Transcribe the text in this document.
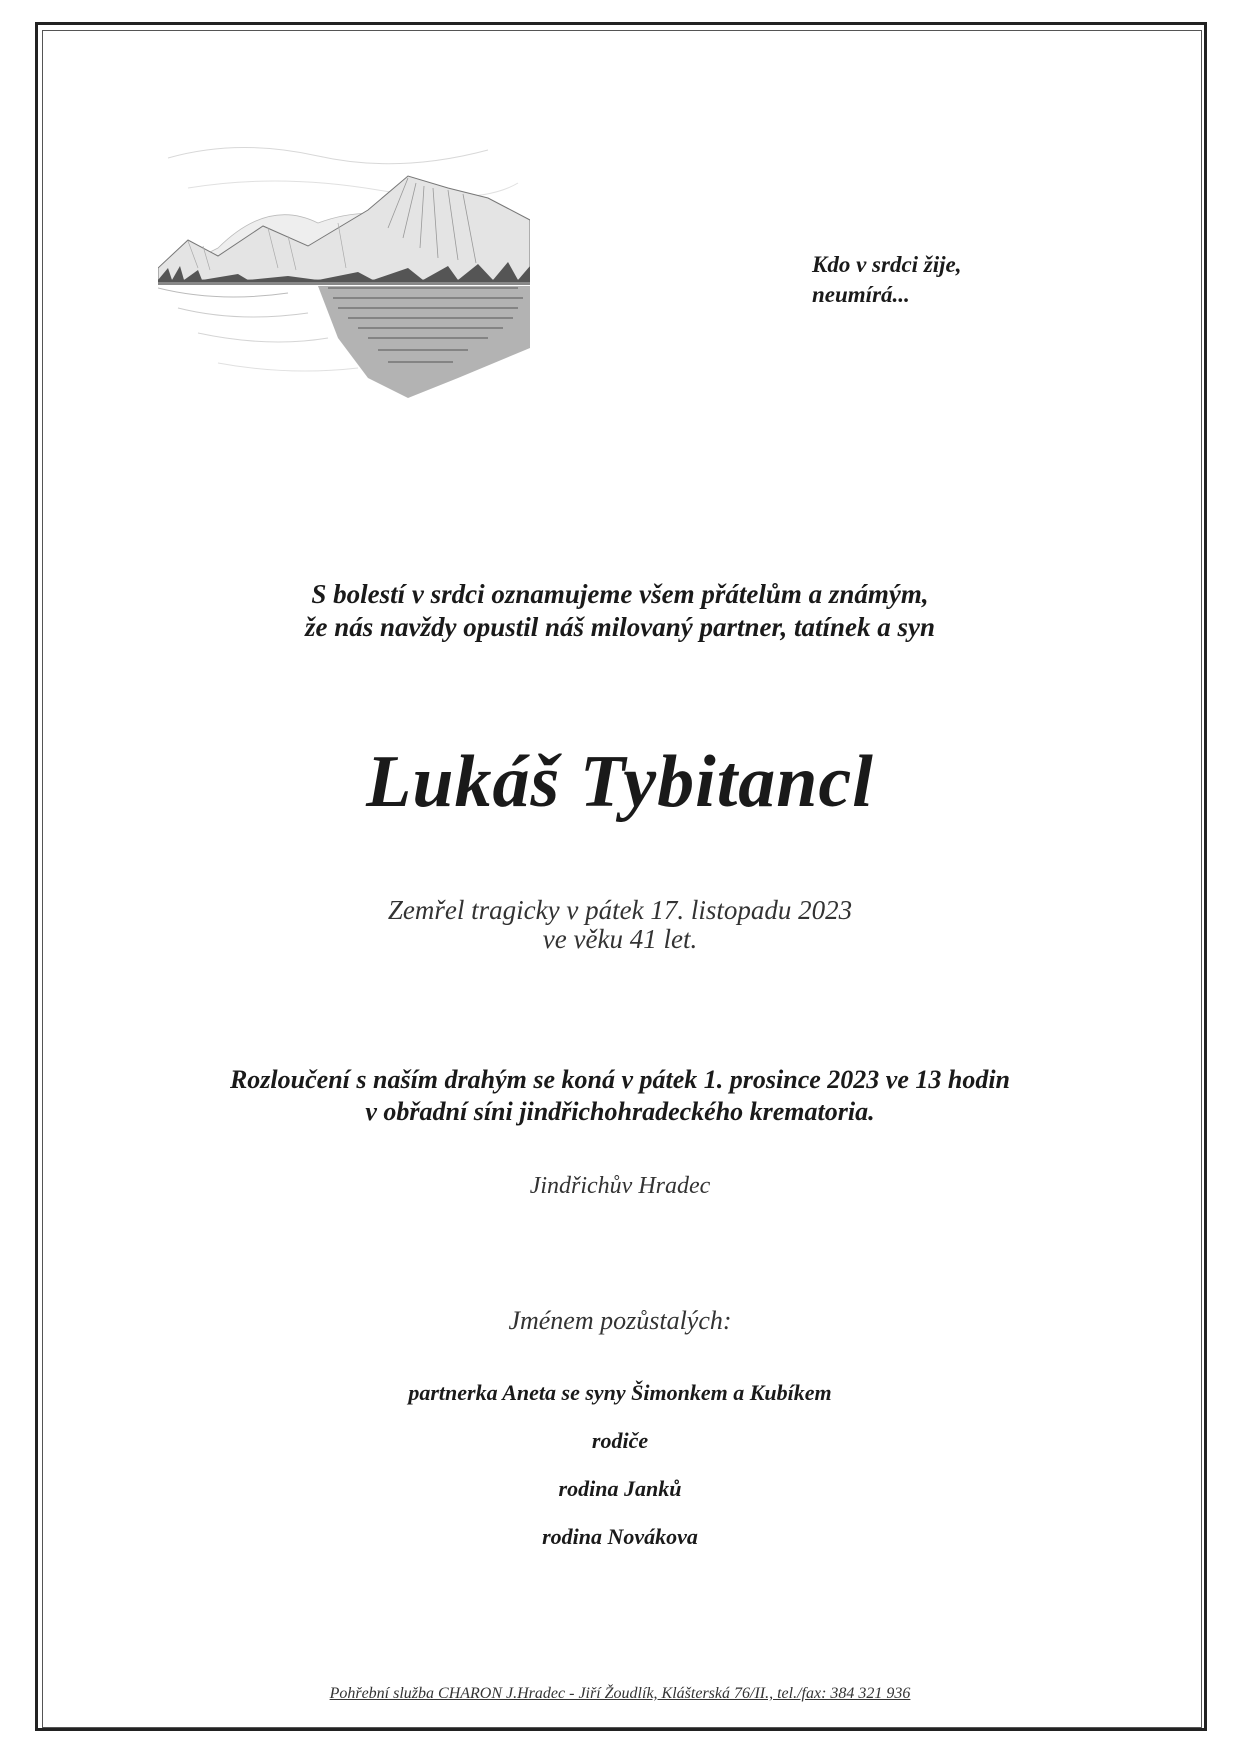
Kdo v srdci žije,
neumírá...
S bolestí v srdci oznamujeme všem přátelům a známým,
že nás navždy opustil náš milovaný partner, tatínek a syn
Lukáš Tybitancl
Zemřel tragicky v pátek 17. listopadu 2023
ve věku 41 let.
Rozloučení s naším drahým se koná v pátek 1. prosince 2023 ve 13 hodin
v obřadní síni jindřichohradeckého krematoria.
Jindřichův Hradec
Jménem pozůstalých:
partnerka Aneta se syny Šimonkem a Kubíkem
rodiče
rodina Janků
rodina Novákova
Pohřební služba CHARON J.Hradec - Jiří Žoudlík, Klášterská 76/II., tel./fax: 384 321 936
